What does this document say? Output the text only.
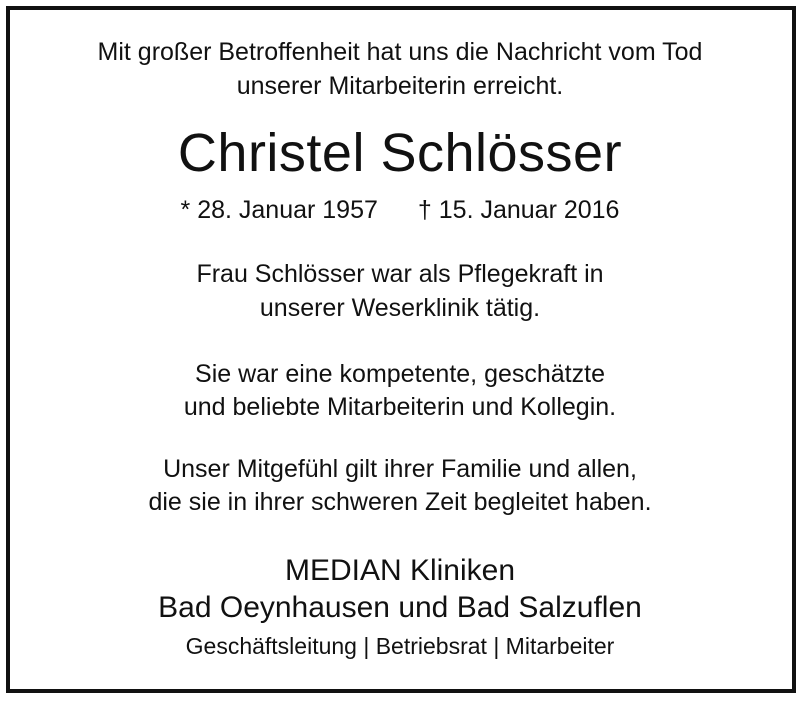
Mit großer Betroffenheit hat uns die Nachricht vom Tod
unserer Mitarbeiterin erreicht.
Christel Schlösser
* 28. Januar 1957 † 15. Januar 2016
Frau Schlösser war als Pflegekraft in
unserer Weserklinik tätig.
Sie war eine kompetente, geschätzte
und beliebte Mitarbeiterin und Kollegin.
Unser Mitgefühl gilt ihrer Familie und allen,
die sie in ihrer schweren Zeit begleitet haben.
MEDIAN Kliniken
Bad Oeynhausen und Bad Salzuflen
Geschäftsleitung | Betriebsrat | Mitarbeiter
